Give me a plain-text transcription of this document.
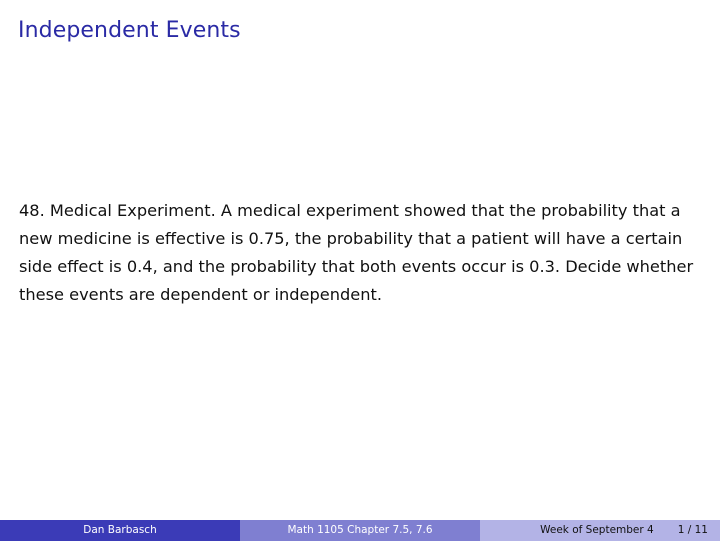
Independent Events
48. Medical Experiment. A medical experiment showed that the probability that a new medicine is effective is 0.75, the probability that a patient will have a certain side effect is 0.4, and the probability that both events occur is 0.3. Decide whether these events are dependent or independent.
Dan Barbasch	Math 1105 Chapter 7.5, 7.6	Week of September 4 1 / 11
